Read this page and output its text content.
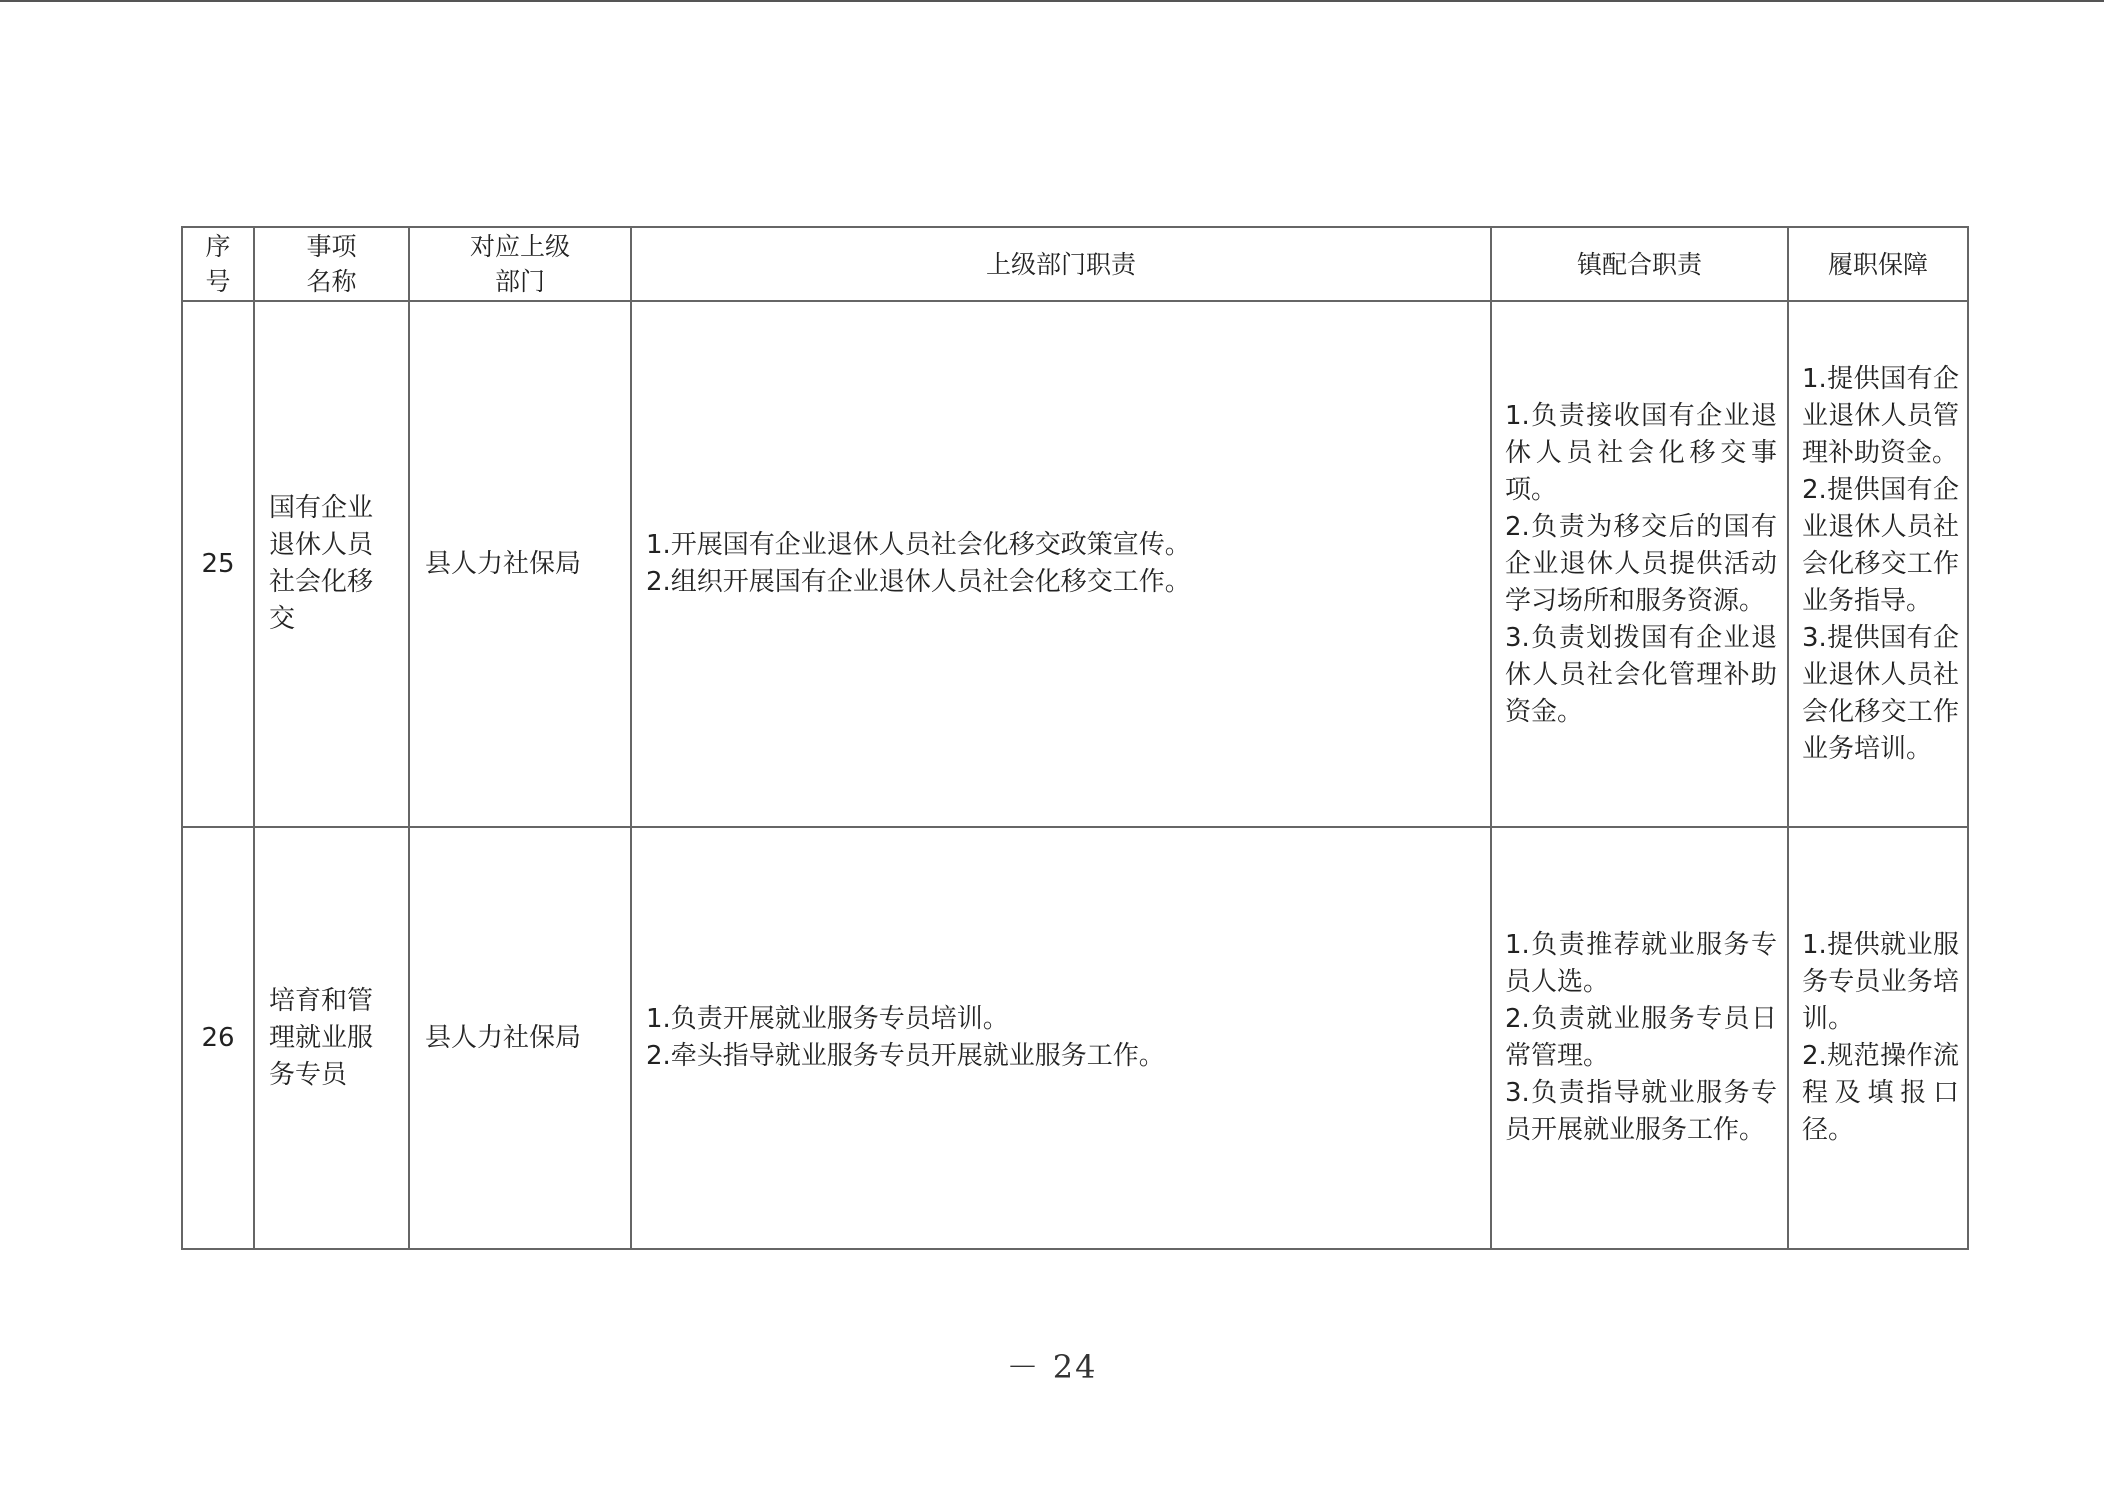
序
号	事项
名称	对应上级
部门	上级部门职责	镇配合职责	履职保障
25	国有企业
退休人员
社会化移
交	县人力社保局	1.开展国有企业退休人员社会化移交政策宣传。
2.组织开展国有企业退休人员社会化移交工作。	1.负责接收国有企业退休人员社会化移交事项。
2.负责为移交后的国有企业退休人员提供活动学习场所和服务资源。
3.负责划拨国有企业退休人员社会化管理补助资金。	1.提供国有企业退休人员管理补助资金。
2.提供国有企业退休人员社会化移交工作业务指导。
3.提供国有企业退休人员社会化移交工作业务培训。

26	培育和管
理就业服
务专员	县人力社保局	1.负责开展就业服务专员培训。
2.牵头指导就业服务专员开展就业服务工作。	1.负责推荐就业服务专员人选。
2.负责就业服务专员日常管理。
3.负责指导就业服务专员开展就业服务工作。	1.提供就业服务专员业务培训。
2.规范操作流程及填报口径。
－ 24
